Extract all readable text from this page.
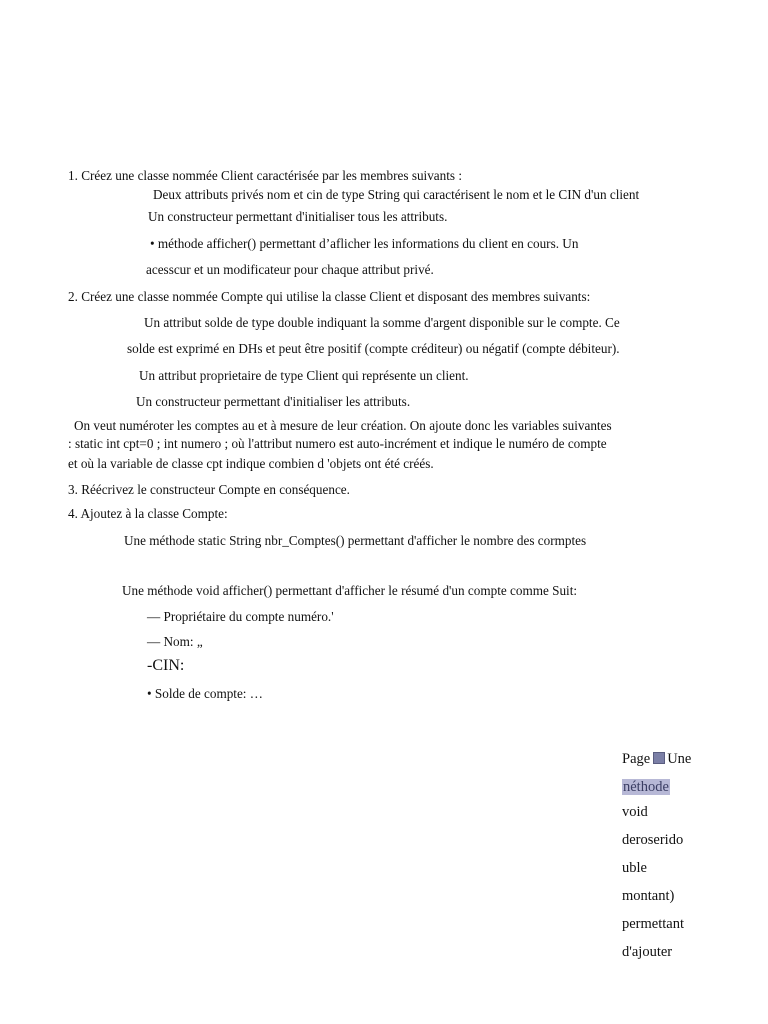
1. Créez une classe nommée Client caractérisée par les membres suivants :
Deux attributs privés nom et cin de type String qui caractérisent le nom et le CIN d'un client
Un constructeur permettant d'initialiser tous les attributs.
• méthode afficher() permettant d’aflicher les informations du client en cours. Un
acesscur et un modificateur pour chaque attribut privé.
2. Créez une classe nommée Compte qui utilise la classe Client et disposant des membres suivants:
Un attribut solde de type double indiquant la somme d'argent disponible sur le compte. Ce
solde est exprimé en DHs et peut être positif (compte créditeur) ou négatif (compte débiteur).
Un attribut proprietaire de type Client qui représente un client.
Un constructeur permettant d'initialiser les attributs.
On veut numéroter les comptes au et à mesure de leur création. On ajoute donc les variables suivantes
: static int cpt=0 ; int numero ; où l'attribut numero est auto-incrément et indique le numéro de compte
et où la variable de classe cpt indique combien d 'objets ont été créés.
3. Réécrivez le constructeur Compte en conséquence.
4. Ajoutez à la classe Compte:
Une méthode static String nbr_Comptes() permettant d'afficher le nombre des cormptes
Une méthode void afficher() permettant d'afficher le résumé d'un compte comme Suit:
— Propriétaire du compte numéro.'
— Nom: „
-CIN:
• Solde de compte: …
Page Une
néthode
void
deroserido
uble
montant)
permettant
d'ajouter
